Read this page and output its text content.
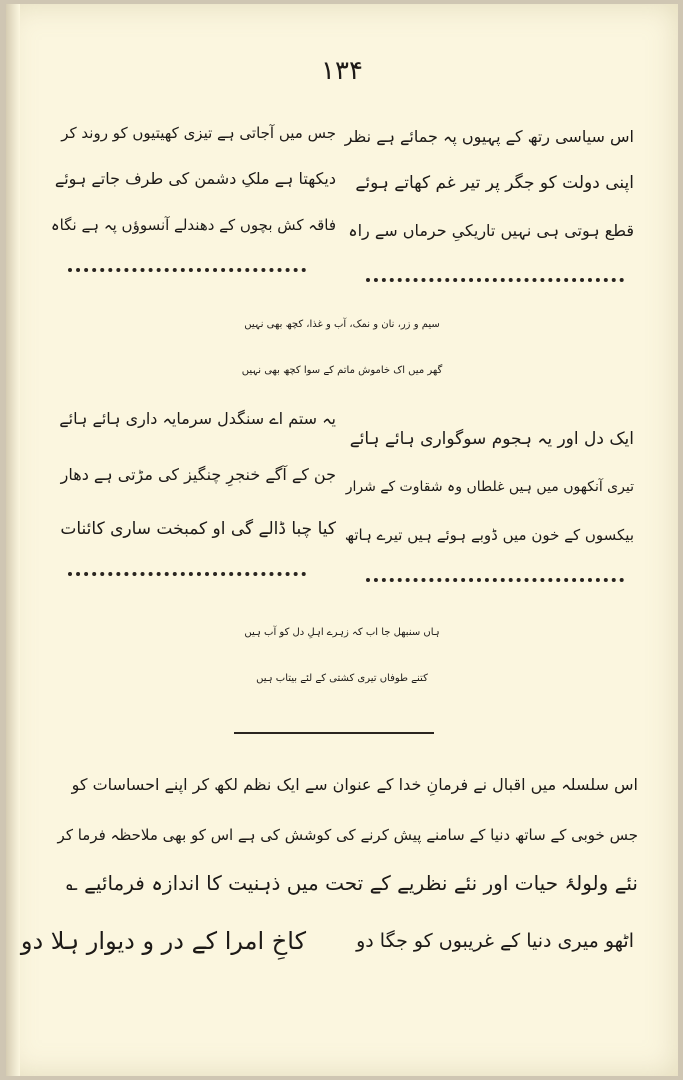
۱۳۴
اس سیاسی رتھ کے پہیوں پہ جمائے ہے نظر
اپنی دولت کو جگر پر تیر غم کھاتے ہوئے
قطع ہوتی ہی نہیں تاریکیِ حرماں سے راہ
جس میں آجاتی ہے تیزی کھیتیوں کو روند کر
دیکھتا ہے ملکِ دشمن کی طرف جاتے ہوئے
فاقہ کش بچوں کے دھندلے آنسوؤں پہ ہے نگاہ
سیم و زر، نان و نمک، آب و غذا، کچھ بھی نہیں
گھر میں اک خاموش ماتم کے سوا کچھ بھی نہیں
ایک دل اور یہ ہجوم سوگواری ہائے ہائے
تیری آنکھوں میں ہیں غلطاں وہ شقاوت کے شرار
بیکسوں کے خون میں ڈوبے ہوئے ہیں تیرے ہاتھ
یہ ستم اے سنگدل سرمایہ داری ہائے ہائے
جن کے آگے خنجرِ چنگیز کی مڑتی ہے دھار
کیا چبا ڈالے گی او کمبخت ساری کائنات
ہاں سنبھل جا اب کہ زہرے اہلِ دل کو آب ہیں
کتنے طوفاں تیری کشتی کے لئے بیتاب ہیں
اس سلسلہ میں اقبال نے فرمانِ خدا کے عنوان سے ایک نظم لکھ کر اپنے احساسات کو
جس خوبی کے ساتھ دنیا کے سامنے پیش کرنے کی کوشش کی ہے اس کو بھی ملاحظہ فرما کر
نئے ولولۂ حیات اور نئے نظریے کے تحت میں ذہنیت کا اندازہ فرمائیے ؎
اٹھو میری دنیا کے غریبوں کو جگا دو
کاخِ امرا کے در و دیوار ہلا دو
